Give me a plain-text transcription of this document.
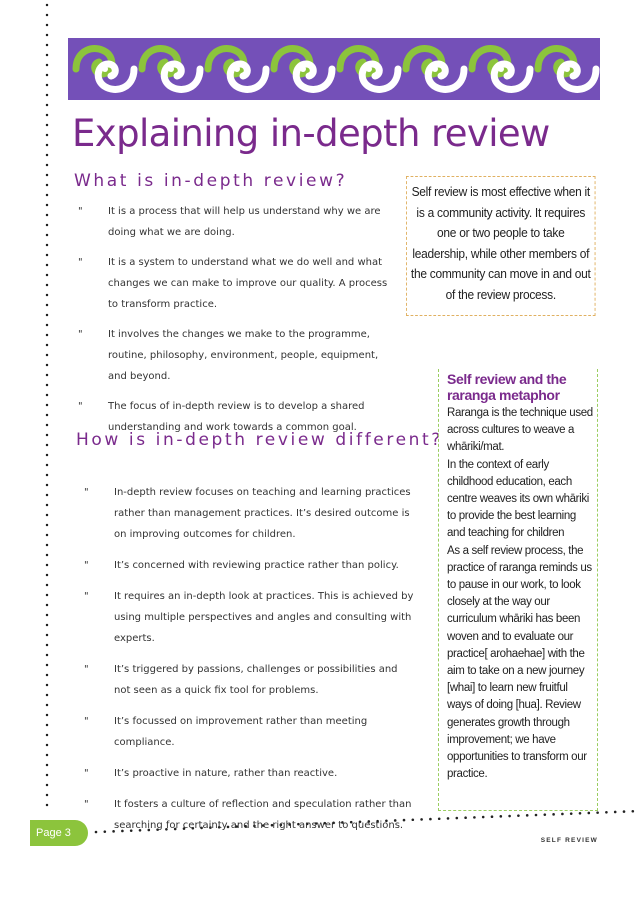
Explaining in-depth review
What is in-depth review?
"	It is a process that will help us understand why we are doing what we are doing.
"	It is a system to understand what we do well and what changes we can make to improve our quality. A process to transform practice.
"	It involves the changes we make to the programme, routine, philosophy, environment, people, equipment, and beyond.
"	The focus of in-depth review is to develop a shared understanding and work towards a common goal.
How is in-depth review different?
"	In-depth review focuses on teaching and learning practices rather than management practices. It’s desired outcome is on improving outcomes for children.
"	It’s concerned with reviewing practice rather than policy.
"	It requires an in-depth look at practices. This is achieved by using multiple perspectives and angles and consulting with experts.
"	It’s triggered by passions, challenges or possibilities and not seen as a quick fix tool for problems.
"	It’s focussed on improvement rather than meeting compliance.
"	It’s proactive in nature, rather than reactive.
"	It fosters a culture of reflection and speculation rather than searching for certainty and the right answer to questions.
Self review is most effective when it is a community activity. It requires one or two people to take leadership, while other members of the community can move in and out of the review process.
Self review and the raranga metaphor

Raranga is the technique used across cultures to weave a whāriki/mat.

In the context of early childhood education, each centre weaves its own whāriki to provide the best learning and teaching for children

As a self review process, the practice of raranga reminds us to pause in our work, to look closely at the way our curriculum whāriki has been woven and to evaluate our practice[ arohaehae] with the aim to take on a new journey [whai] to learn new fruitful ways of doing [hua]. Review generates growth through improvement; we have opportunities to transform our practice.

Page 3
SELF REVIEW
